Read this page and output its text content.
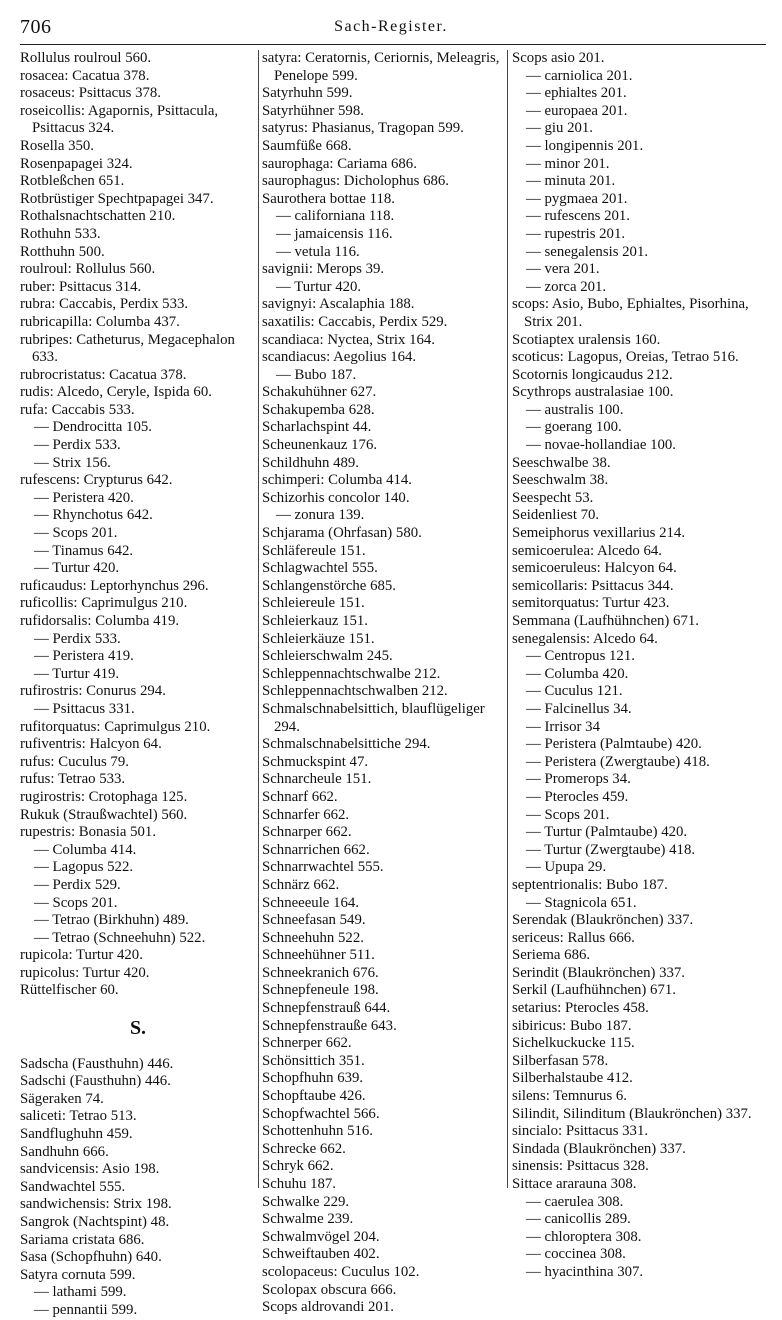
706	Sach-Register.
Rollulus roulroul 560.
rosacea: Cacatua 378.
rosaceus: Psittacus 378.
roseicollis: Agapornis, Psittacula, Psittacus 324.
Rosella 350.
Rosenpapagei 324.
Rotbleßchen 651.
Rotbrüstiger Spechtpapagei 347.
Rothalsnachtschatten 210.
Rothuhn 533.
Rotthuhn 500.
roulroul: Rollulus 560.
ruber: Psittacus 314.
rubra: Caccabis, Perdix 533.
rubricapilla: Columba 437.
rubripes: Catheturus, Megacephalon 633.
rubrocristatus: Cacatua 378.
rudis: Alcedo, Ceryle, Ispida 60.
rufa: Caccabis 533.
— Dendrocitta 105.
— Perdix 533.
— Strix 156.
rufescens: Crypturus 642.
— Peristera 420.
— Rhynchotus 642.
— Scops 201.
— Tinamus 642.
— Turtur 420.
ruficaudus: Leptorhynchus 296.
ruficollis: Caprimulgus 210.
rufidorsalis: Columba 419.
— Perdix 533.
— Peristera 419.
— Turtur 419.
rufirostris: Conurus 294.
— Psittacus 331.
rufitorquatus: Caprimulgus 210.
rufiventris: Halcyon 64.
rufus: Cuculus 79.
rufus: Tetrao 533.
rugirostris: Crotophaga 125.
Rukuk (Straußwachtel) 560.
rupestris: Bonasia 501.
— Columba 414.
— Lagopus 522.
— Perdix 529.
— Scops 201.
— Tetrao (Birkhuhn) 489.
— Tetrao (Schneehuhn) 522.
rupicola: Turtur 420.
rupicolus: Turtur 420.
Rüttelfischer 60.
S.
Sadscha (Fausthuhn) 446.
Sadschi (Fausthuhn) 446.
Sägeraken 74.
saliceti: Tetrao 513.
Sandflughuhn 459.
Sandhuhn 666.
sandvicensis: Asio 198.
Sandwachtel 555.
sandwichensis: Strix 198.
Sangrok (Nachtspint) 48.
Sariama cristata 686.
Sasa (Schopfhuhn) 640.
Satyra cornuta 599.
— lathami 599.
— pennantii 599.
satyra: Ceratornis, Ceriornis, Meleagris, Penelope 599.
Satyrhuhn 599.
Satyrhühner 598.
satyrus: Phasianus, Tragopan 599.
Saumfüße 668.
saurophaga: Cariama 686.
saurophagus: Dicholophus 686.
Saurothera bottae 118.
— californiana 118.
— jamaicensis 116.
— vetula 116.
savignii: Merops 39.
— Turtur 420.
savignyi: Ascalaphia 188.
saxatilis: Caccabis, Perdix 529.
scandiaca: Nyctea, Strix 164.
scandiacus: Aegolius 164.
— Bubo 187.
Schakuhühner 627.
Schakupemba 628.
Scharlachspint 44.
Scheunenkauz 176.
Schildhuhn 489.
schimperi: Columba 414.
Schizorhis concolor 140.
— zonura 139.
Schjarama (Ohrfasan) 580.
Schläfereule 151.
Schlagwachtel 555.
Schlangenstörche 685.
Schleiereule 151.
Schleierkauz 151.
Schleierkäuze 151.
Schleierschwalm 245.
Schleppennachtschwalbe 212.
Schleppennachtschwalben 212.
Schmalschnabelsittich, blauflügeliger 294.
Schmalschnabelsittiche 294.
Schmuckspint 47.
Schnarcheule 151.
Schnarf 662.
Schnarfer 662.
Schnarper 662.
Schnarrichen 662.
Schnarrwachtel 555.
Schnärz 662.
Schneeeule 164.
Schneefasan 549.
Schneehuhn 522.
Schneehühner 511.
Schneekranich 676.
Schnepfeneule 198.
Schnepfenstrauß 644.
Schnepfenstrauße 643.
Schnerper 662.
Schönsittich 351.
Schopfhuhn 639.
Schopftaube 426.
Schopfwachtel 566.
Schottenhuhn 516.
Schrecke 662.
Schryk 662.
Schuhu 187.
Schwalke 229.
Schwalme 239.
Schwalmvögel 204.
Schweiftauben 402.
scolopaceus: Cuculus 102.
Scolopax obscura 666.
Scops aldrovandi 201.
Scops asio 201.
— carniolica 201.
— ephialtes 201.
— europaea 201.
— giu 201.
— longipennis 201.
— minor 201.
— minuta 201.
— pygmaea 201.
— rufescens 201.
— rupestris 201.
— senegalensis 201.
— vera 201.
— zorca 201.
scops: Asio, Bubo, Ephialtes, Pisorhina, Strix 201.
Scotiaptex uralensis 160.
scoticus: Lagopus, Oreias, Tetrao 516.
Scotornis longicaudus 212.
Scythrops australasiae 100.
— australis 100.
— goerang 100.
— novae-hollandiae 100.
Seeschwalbe 38.
Seeschwalm 38.
Seespecht 53.
Seidenliest 70.
Semeiphorus vexillarius 214.
semicoerulea: Alcedo 64.
semicoeruleus: Halcyon 64.
semicollaris: Psittacus 344.
semitorquatus: Turtur 423.
Semmana (Laufhühnchen) 671.
senegalensis: Alcedo 64.
— Centropus 121.
— Columba 420.
— Cuculus 121.
— Falcinellus 34.
— Irrisor 34
— Peristera (Palmtaube) 420.
— Peristera (Zwergtaube) 418.
— Promerops 34.
— Pterocles 459.
— Scops 201.
— Turtur (Palmtaube) 420.
— Turtur (Zwergtaube) 418.
— Upupa 29.
septentrionalis: Bubo 187.
— Stagnicola 651.
Serendak (Blaukrönchen) 337.
sericeus: Rallus 666.
Seriema 686.
Serindit (Blaukrönchen) 337.
Serkil (Laufhühnchen) 671.
setarius: Pterocles 458.
sibiricus: Bubo 187.
Sichelkuckucke 115.
Silberfasan 578.
Silberhalstaube 412.
silens: Temnurus 6.
Silindit, Silinditum (Blaukrönchen) 337.
sincialo: Psittacus 331.
Sindada (Blaukrönchen) 337.
sinensis: Psittacus 328.
Sittace ararauna 308.
— caerulea 308.
— canicollis 289.
— chloroptera 308.
— coccinea 308.
— hyacinthina 307.
